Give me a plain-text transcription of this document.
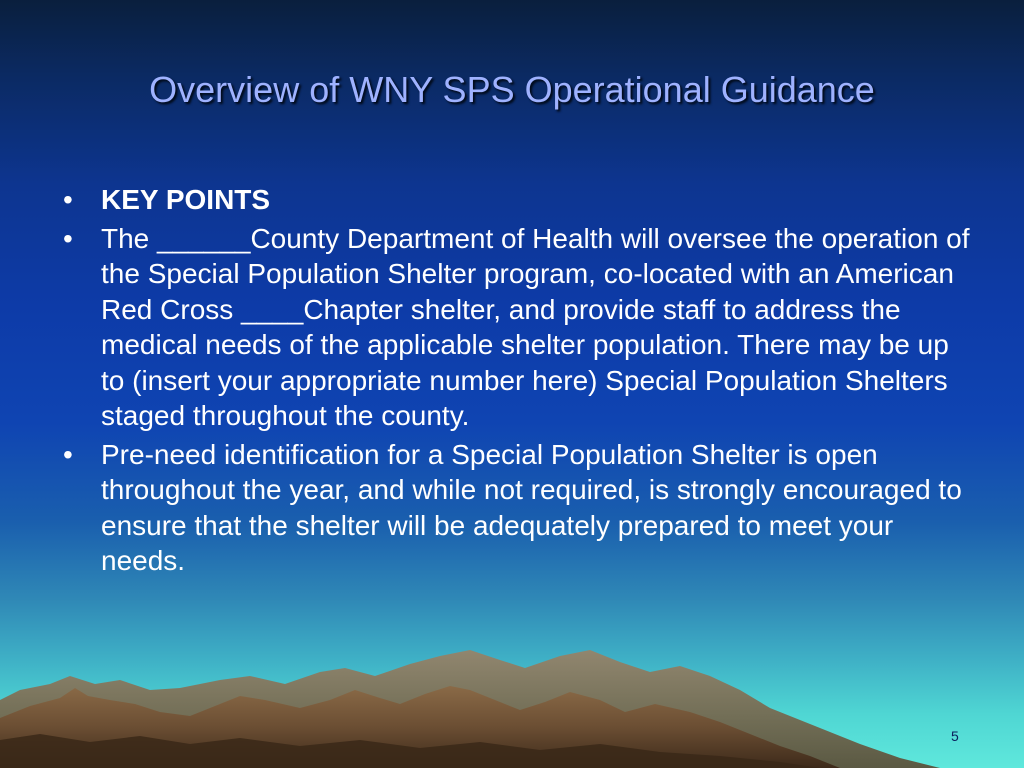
Overview of WNY SPS Operational Guidance
• KEY POINTS
• The ______County Department of Health will oversee the operation of the Special Population Shelter program, co-located with an American Red Cross ____Chapter shelter, and provide staff to address the medical needs of the applicable shelter population. There may be up to (insert your appropriate number here) Special Population Shelters staged throughout the county.
• Pre-need identification for a Special Population Shelter is open throughout the year, and while not required, is strongly encouraged to ensure that the shelter will be adequately prepared to meet your needs.
5
